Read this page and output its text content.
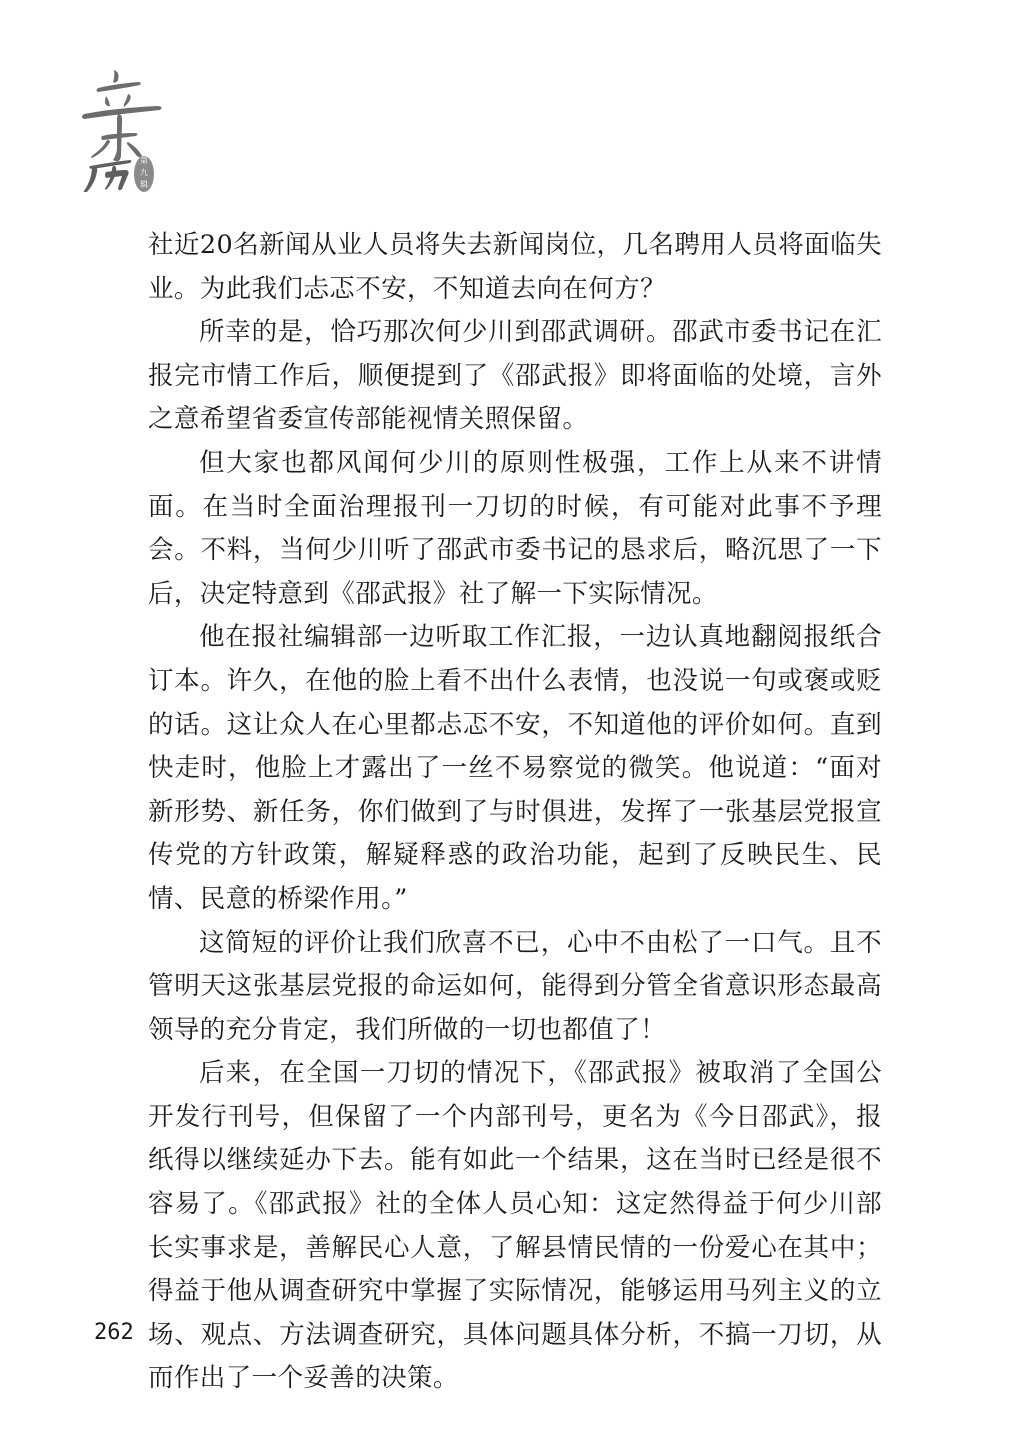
第
九
辑

社近20名新闻从业人员将失去新闻岗位，几名聘用人员将面临失业。为此我们忐忑不安，不知道去向在何方？

所幸的是，恰巧那次何少川到邵武调研。邵武市委书记在汇报完市情工作后，顺便提到了《邵武报》即将面临的处境，言外之意希望省委宣传部能视情关照保留。

但大家也都风闻何少川的原则性极强，工作上从来不讲情面。在当时全面治理报刊一刀切的时候，有可能对此事不予理会。不料，当何少川听了邵武市委书记的恳求后，略沉思了一下后，决定特意到《邵武报》社了解一下实际情况。

他在报社编辑部一边听取工作汇报，一边认真地翻阅报纸合订本。许久，在他的脸上看不出什么表情，也没说一句或褒或贬的话。这让众人在心里都忐忑不安，不知道他的评价如何。直到快走时，他脸上才露出了一丝不易察觉的微笑。他说道：“面对新形势、新任务，你们做到了与时俱进，发挥了一张基层党报宣传党的方针政策，解疑释惑的政治功能，起到了反映民生、民情、民意的桥梁作用。”

这简短的评价让我们欣喜不已，心中不由松了一口气。且不管明天这张基层党报的命运如何，能得到分管全省意识形态最高领导的充分肯定，我们所做的一切也都值了！

后来，在全国一刀切的情况下，《邵武报》被取消了全国公开发行刊号，但保留了一个内部刊号，更名为《今日邵武》，报纸得以继续延办下去。能有如此一个结果，这在当时已经是很不容易了。《邵武报》社的全体人员心知：这定然得益于何少川部长实事求是，善解民心人意，了解县情民情的一份爱心在其中；得益于他从调查研究中掌握了实际情况，能够运用马列主义的立场、观点、方法调查研究，具体问题具体分析，不搞一刀切，从而作出了一个妥善的决策。

262
